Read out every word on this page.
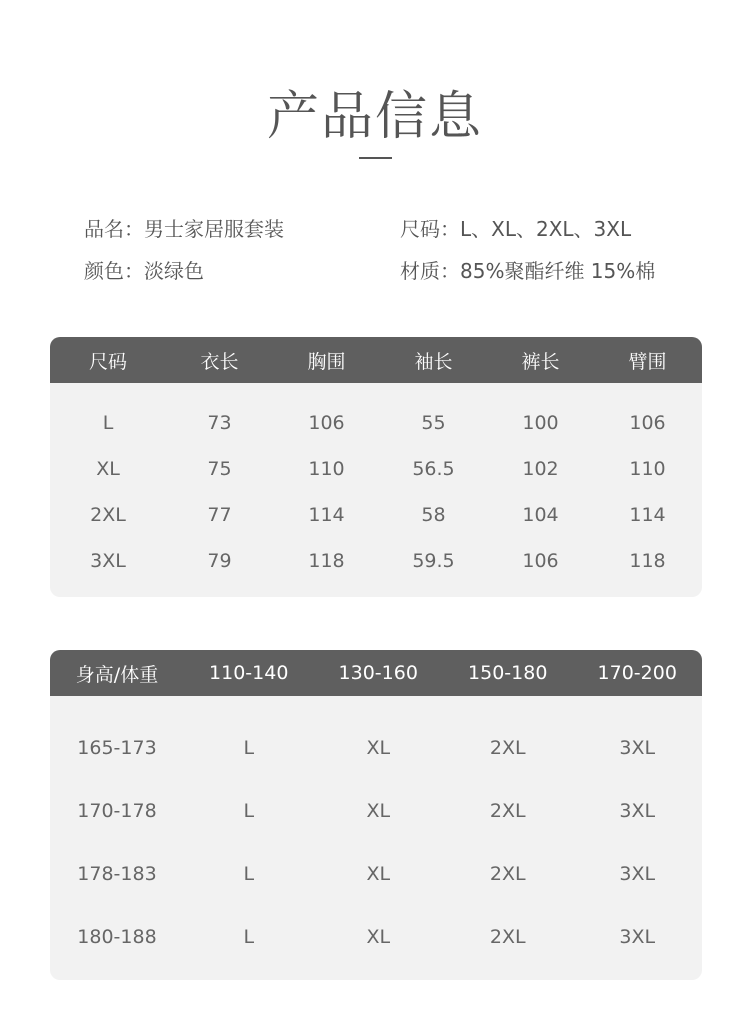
产品信息
品名：男士家居服套装
颜色：淡绿色
尺码：L、XL、2XL、3XL
材质：85%聚酯纤维 15%棉
尺码	衣长	胸围	袖长	裤长	臂围
L	73	106	55	100	106
XL	75	110	56.5	102	110
2XL	77	114	58	104	114
3XL	79	118	59.5	106	118
身高/体重	110-140	130-160	150-180	170-200
165-173	L	XL	2XL	3XL
170-178	L	XL	2XL	3XL
178-183	L	XL	2XL	3XL
180-188	L	XL	2XL	3XL
